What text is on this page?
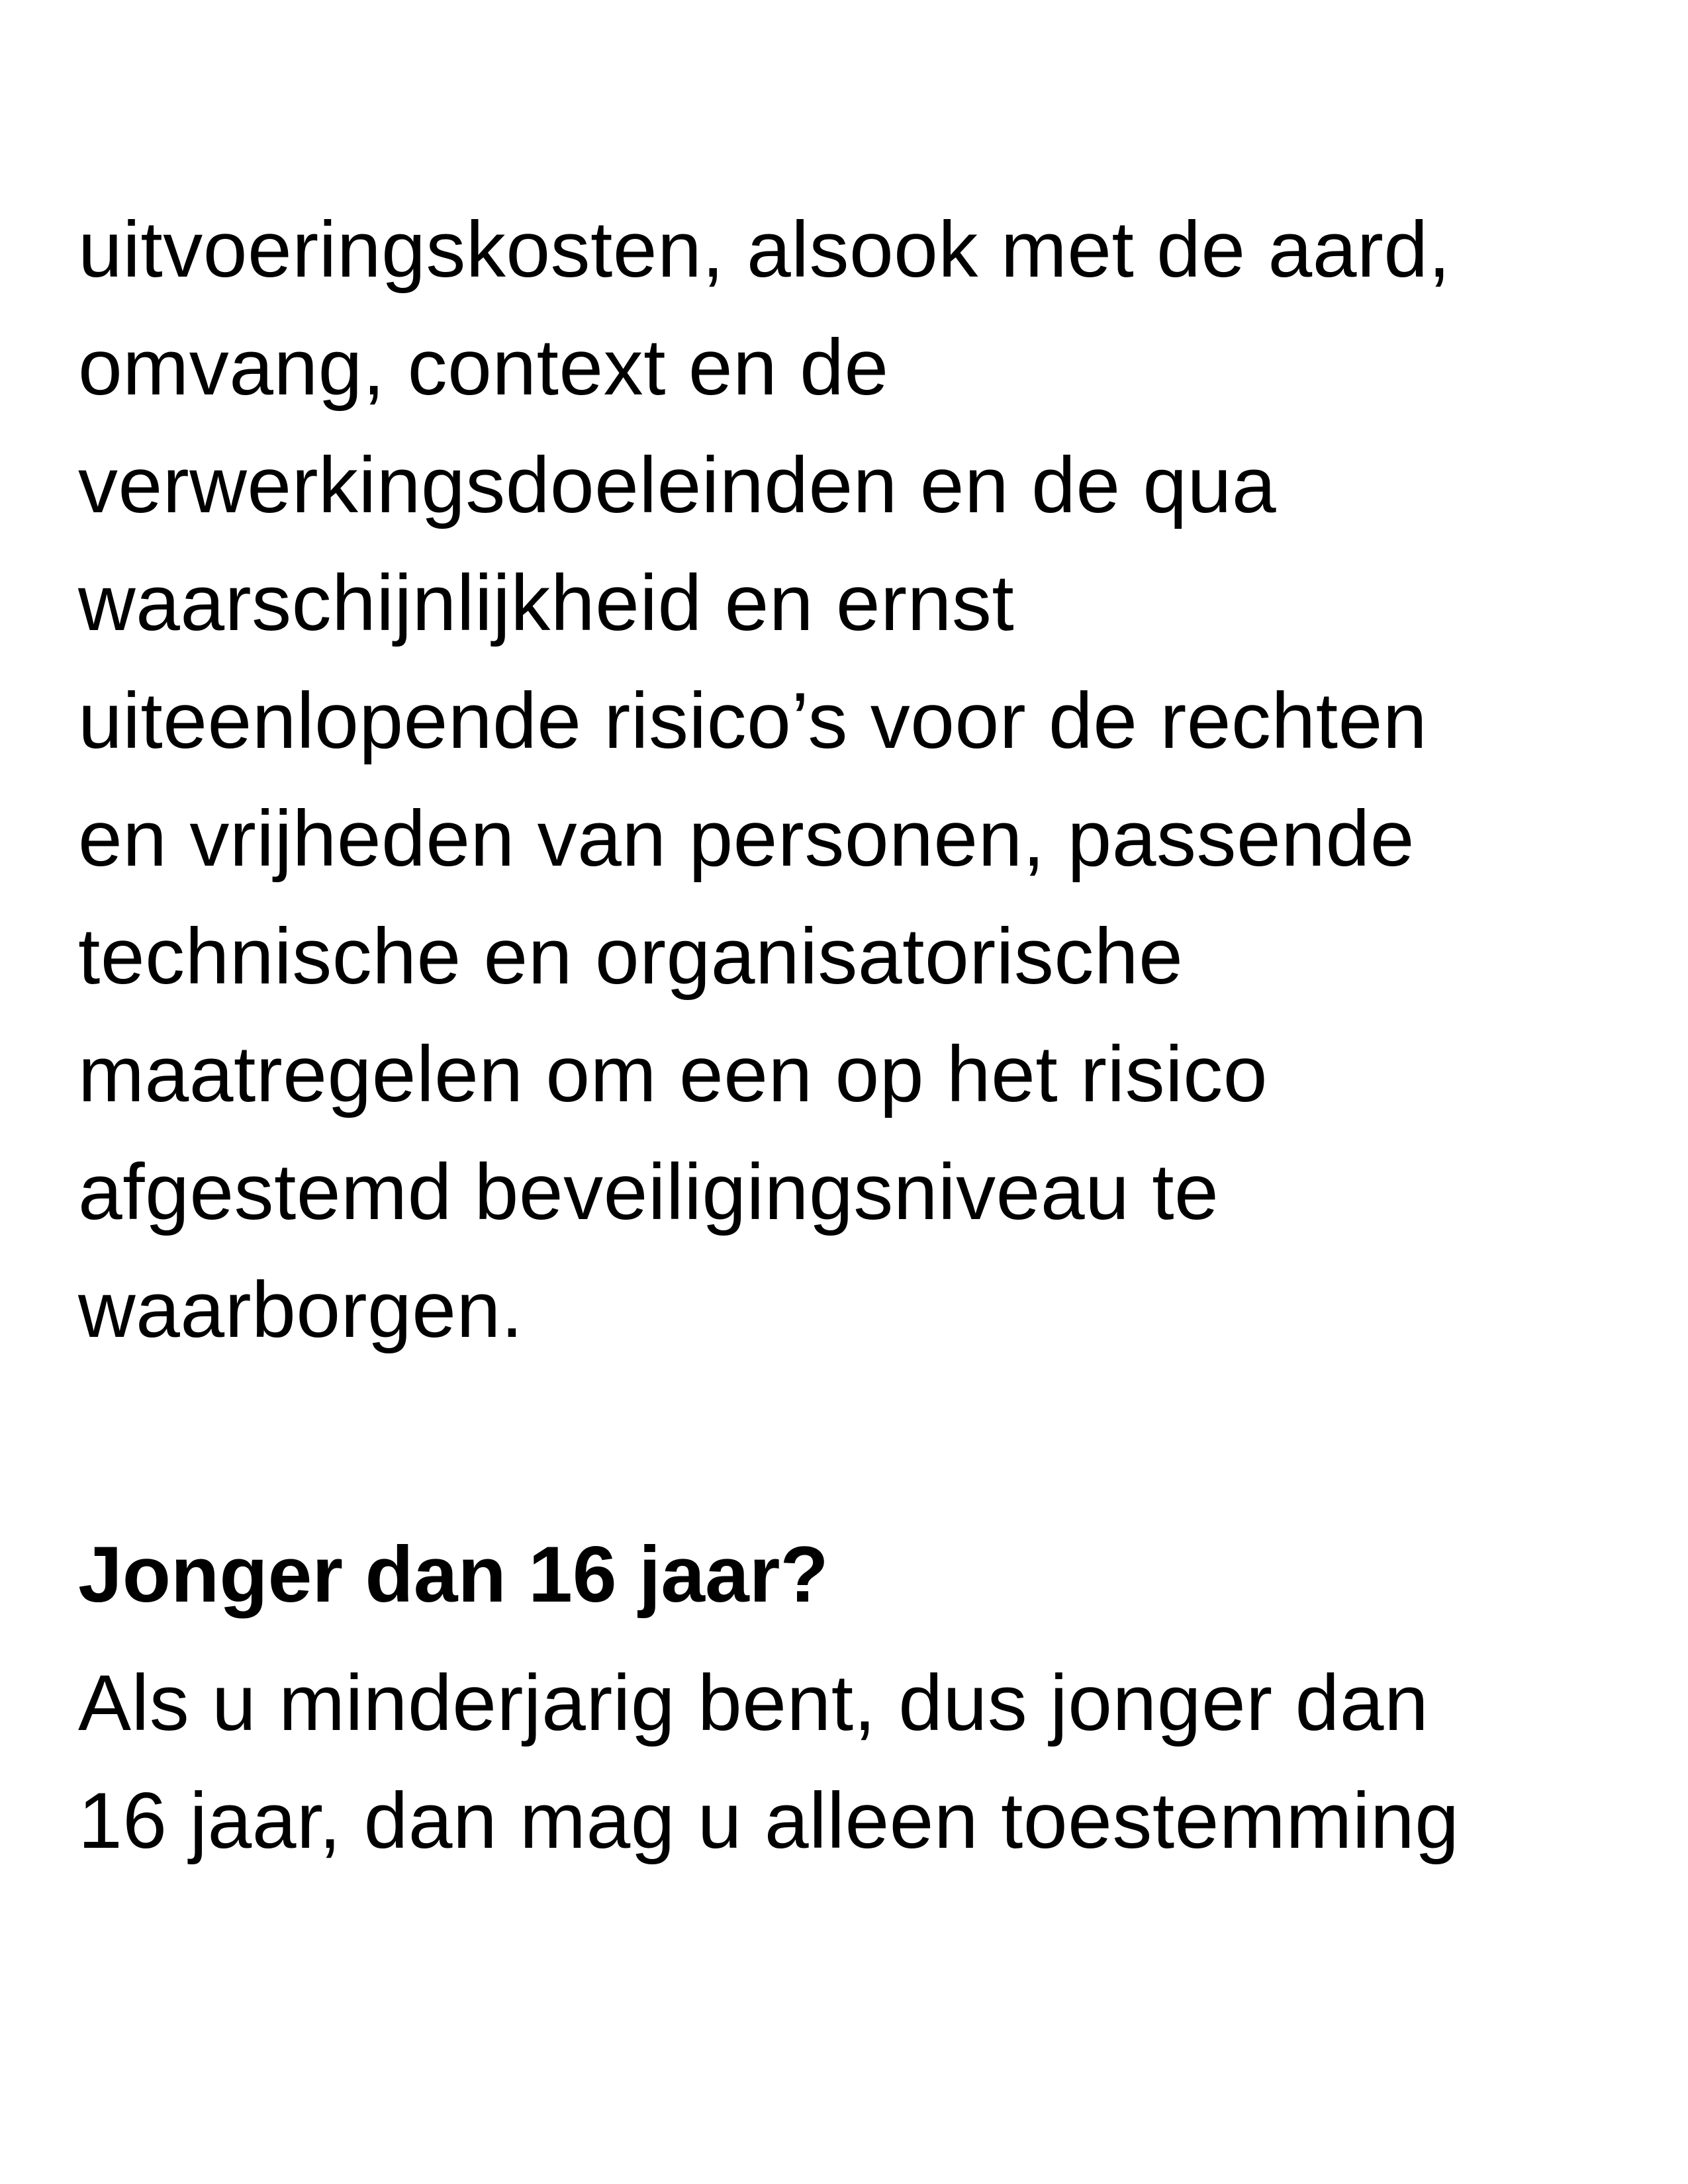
uitvoeringskosten, alsook met de aard,
omvang, context en de
verwerkingsdoeleinden en de qua
waarschijnlijkheid en ernst
uiteenlopende risico’s voor de rechten
en vrijheden van personen, passende
technische en organisatorische
maatregelen om een op het risico
afgestemd beveiligingsniveau te
waarborgen.
Jonger dan 16 jaar?
Als u minderjarig bent, dus jonger dan
16 jaar, dan mag u alleen toestemming
